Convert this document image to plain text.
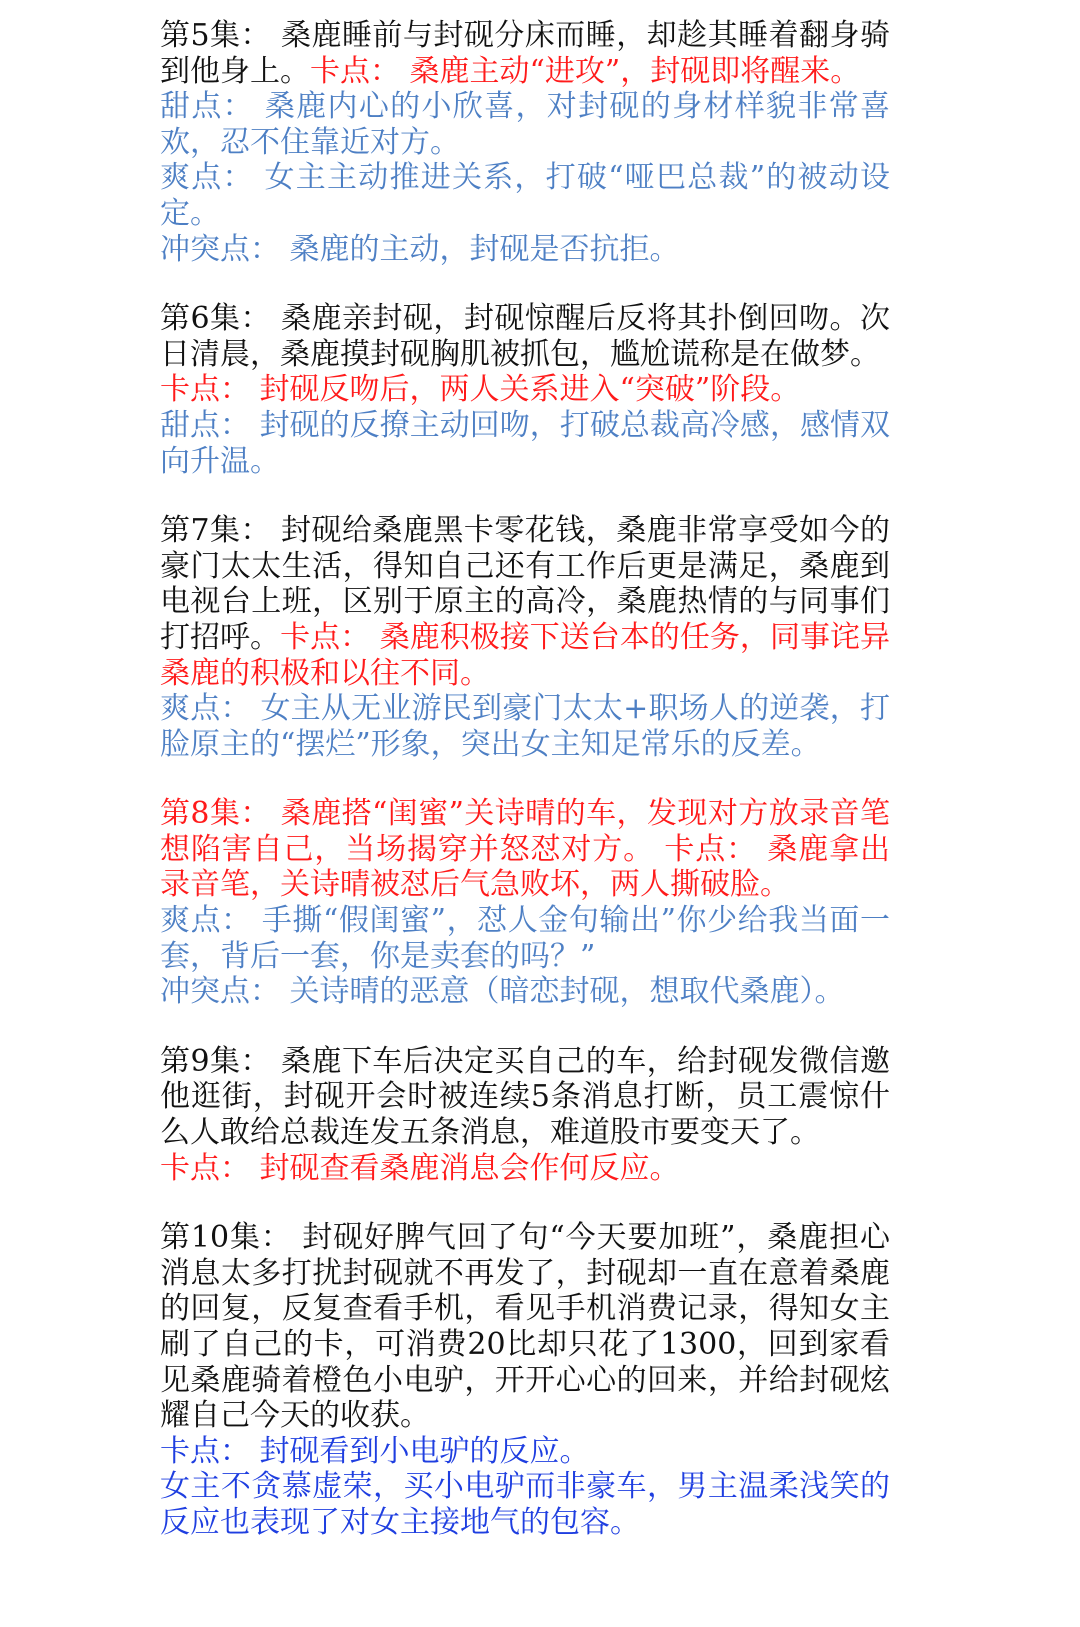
第5集： 桑鹿睡前与封砚分床而睡，却趁其睡着翻身骑到他身上。卡点： 桑鹿主动“进攻”，封砚即将醒来。

甜点： 桑鹿内心的小欣喜，对封砚的身材样貌非常喜欢，忍不住靠近对方。

爽点： 女主主动推进关系，打破“哑巴总裁”的被动设定。

冲突点： 桑鹿的主动，封砚是否抗拒。

第6集： 桑鹿亲封砚，封砚惊醒后反将其扑倒回吻。次日清晨，桑鹿摸封砚胸肌被抓包，尴尬谎称是在做梦。

卡点： 封砚反吻后，两人关系进入“突破”阶段。

甜点： 封砚的反撩主动回吻，打破总裁高冷感，感情双向升温。

第7集： 封砚给桑鹿黑卡零花钱，桑鹿非常享受如今的豪门太太生活，得知自己还有工作后更是满足，桑鹿到电视台上班，区别于原主的高冷，桑鹿热情的与同事们打招呼。卡点： 桑鹿积极接下送台本的任务，同事诧异桑鹿的积极和以往不同。

爽点： 女主从无业游民到豪门太太+职场人的逆袭，打脸原主的“摆烂”形象，突出女主知足常乐的反差。

第8集： 桑鹿搭“闺蜜”关诗晴的车，发现对方放录音笔想陷害自己，当场揭穿并怒怼对方。 卡点： 桑鹿拿出录音笔，关诗晴被怼后气急败坏，两人撕破脸。

爽点： 手撕“假闺蜜”，怼人金句输出”你少给我当面一套，背后一套，你是卖套的吗？”

冲突点： 关诗晴的恶意（暗恋封砚，想取代桑鹿）。

第9集： 桑鹿下车后决定买自己的车，给封砚发微信邀他逛街，封砚开会时被连续5条消息打断，员工震惊什么人敢给总裁连发五条消息，难道股市要变天了。

卡点： 封砚查看桑鹿消息会作何反应。

第10集： 封砚好脾气回了句“今天要加班”，桑鹿担心消息太多打扰封砚就不再发了，封砚却一直在意着桑鹿的回复，反复查看手机，看见手机消费记录，得知女主刷了自己的卡，可消费20比却只花了1300，回到家看见桑鹿骑着橙色小电驴，开开心心的回来，并给封砚炫耀自己今天的收获。

卡点： 封砚看到小电驴的反应。

女主不贪慕虚荣，买小电驴而非豪车，男主温柔浅笑的反应也表现了对女主接地气的包容。
